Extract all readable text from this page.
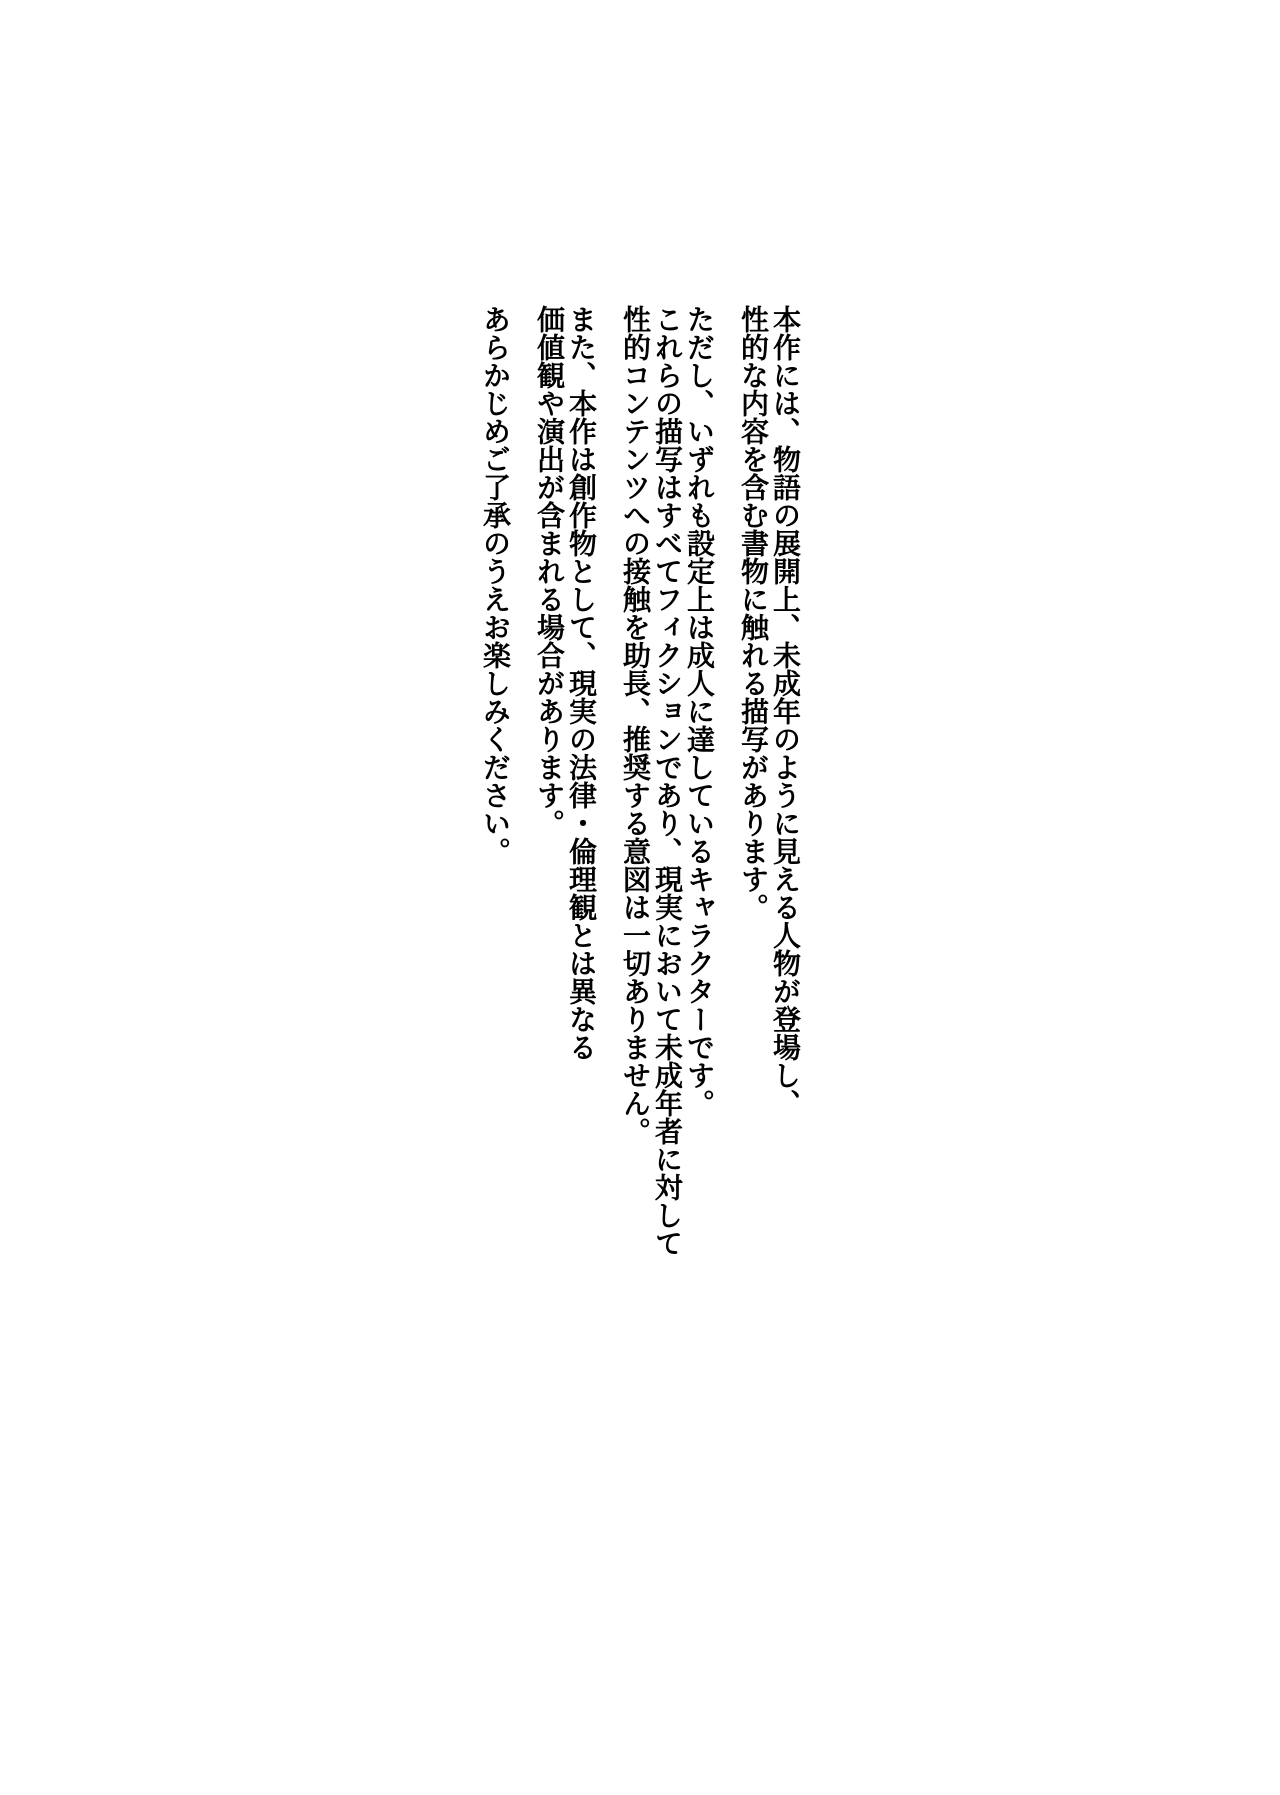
本作には、物語の展開上、未成年のように見える人物が登場し、
性的な内容を含む書物に触れる描写があります。

ただし、いずれも設定上は成人に達しているキャラクターです。
これらの描写はすべてフィクションであり、現実において未成年者に対して
性的コンテンツへの接触を助長、推奨する意図は一切ありません。

また、本作は創作物として、現実の法律・倫理観とは異なる
価値観や演出が含まれる場合があります。

あらかじめご了承のうえお楽しみください。
